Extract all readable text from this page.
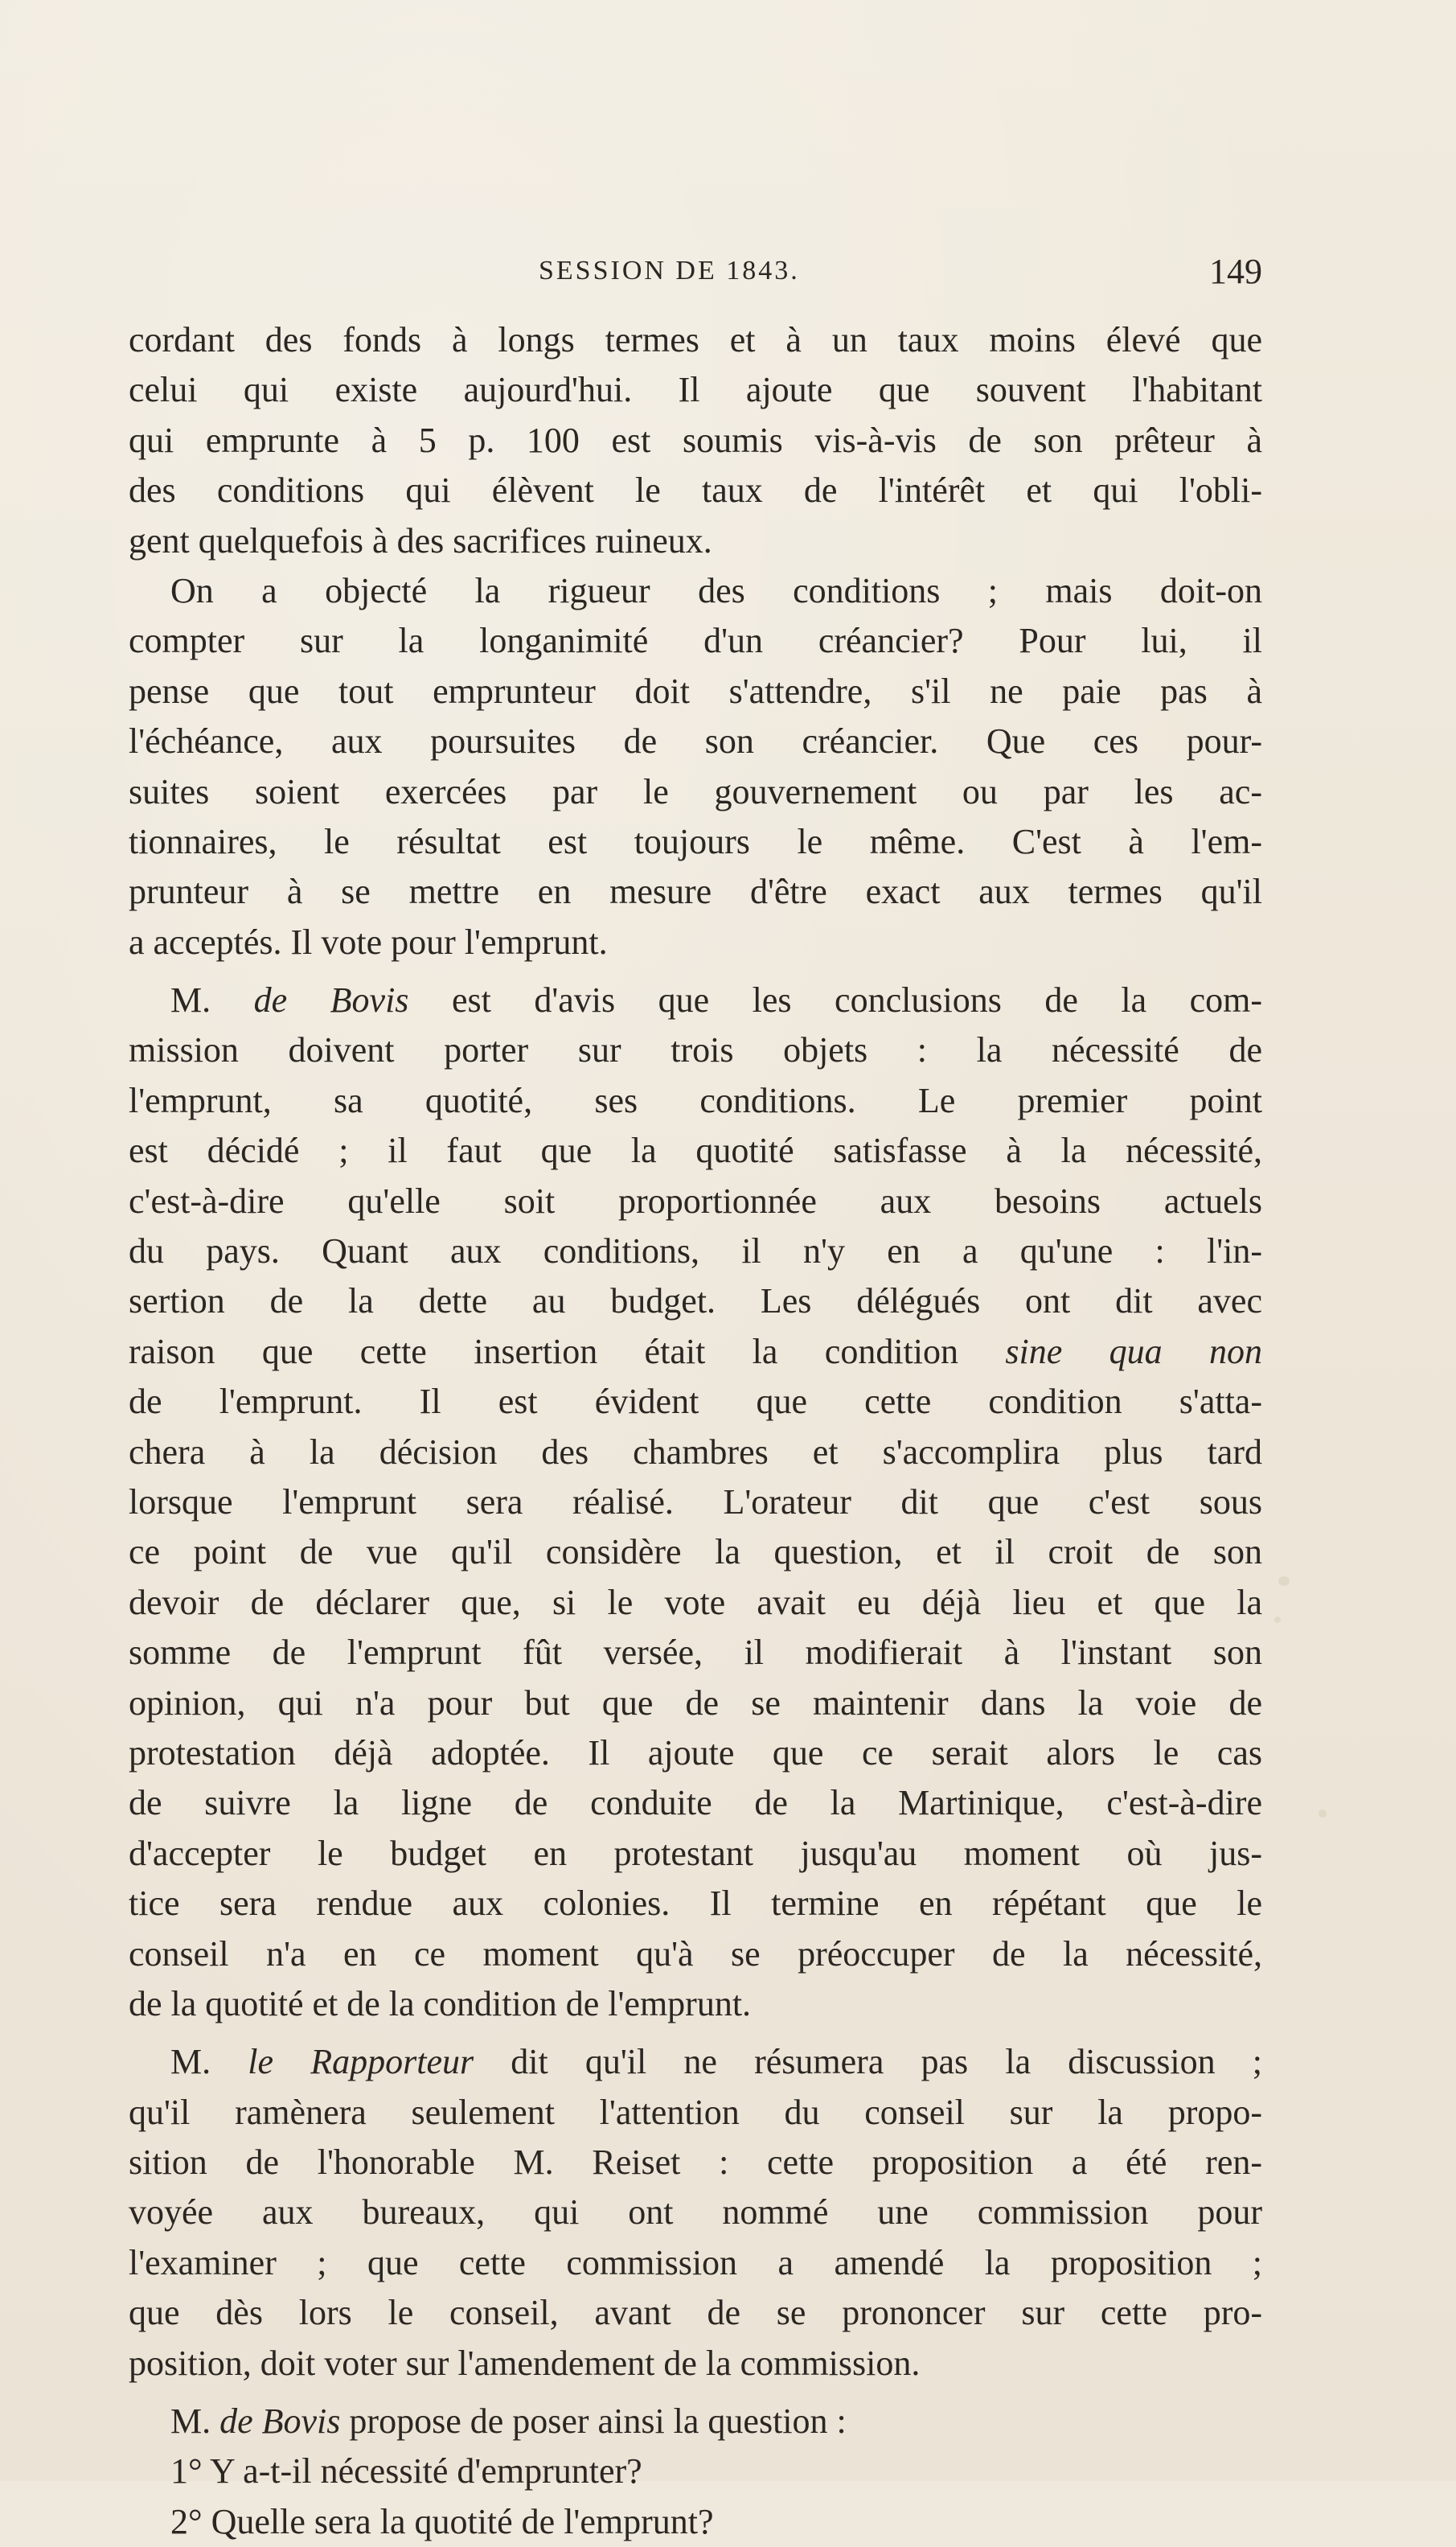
SESSION DE 1843.	149
cordant des fonds à longs termes et à un taux moins élevé que
celui qui existe aujourd'hui. Il ajoute que souvent l'habitant
qui emprunte à 5 p. 100 est soumis vis-à-vis de son prêteur à
des conditions qui élèvent le taux de l'intérêt et qui l'obli-
gent quelquefois à des sacrifices ruineux.
On a objecté la rigueur des conditions ; mais doit-on
compter sur la longanimité d'un créancier? Pour lui, il
pense que tout emprunteur doit s'attendre, s'il ne paie pas à
l'échéance, aux poursuites de son créancier. Que ces pour-
suites soient exercées par le gouvernement ou par les ac-
tionnaires, le résultat est toujours le même. C'est à l'em-
prunteur à se mettre en mesure d'être exact aux termes qu'il
a acceptés. Il vote pour l'emprunt.
M. de Bovis est d'avis que les conclusions de la com-
mission doivent porter sur trois objets : la nécessité de
l'emprunt, sa quotité, ses conditions. Le premier point
est décidé ; il faut que la quotité satisfasse à la nécessité,
c'est-à-dire qu'elle soit proportionnée aux besoins actuels
du pays. Quant aux conditions, il n'y en a qu'une : l'in-
sertion de la dette au budget. Les délégués ont dit avec
raison que cette insertion était la condition sine qua non
de l'emprunt. Il est évident que cette condition s'atta-
chera à la décision des chambres et s'accomplira plus tard
lorsque l'emprunt sera réalisé. L'orateur dit que c'est sous
ce point de vue qu'il considère la question, et il croit de son
devoir de déclarer que, si le vote avait eu déjà lieu et que la
somme de l'emprunt fût versée, il modifierait à l'instant son
opinion, qui n'a pour but que de se maintenir dans la voie de
protestation déjà adoptée. Il ajoute que ce serait alors le cas
de suivre la ligne de conduite de la Martinique, c'est-à-dire
d'accepter le budget en protestant jusqu'au moment où jus-
tice sera rendue aux colonies. Il termine en répétant que le
conseil n'a en ce moment qu'à se préoccuper de la nécessité,
de la quotité et de la condition de l'emprunt.
M. le Rapporteur dit qu'il ne résumera pas la discussion ;
qu'il ramènera seulement l'attention du conseil sur la propo-
sition de l'honorable M. Reiset : cette proposition a été ren-
voyée aux bureaux, qui ont nommé une commission pour
l'examiner ; que cette commission a amendé la proposition ;
que dès lors le conseil, avant de se prononcer sur cette pro-
position, doit voter sur l'amendement de la commission.
M. de Bovis propose de poser ainsi la question :
1° Y a-t-il nécessité d'emprunter?
2° Quelle sera la quotité de l'emprunt?
